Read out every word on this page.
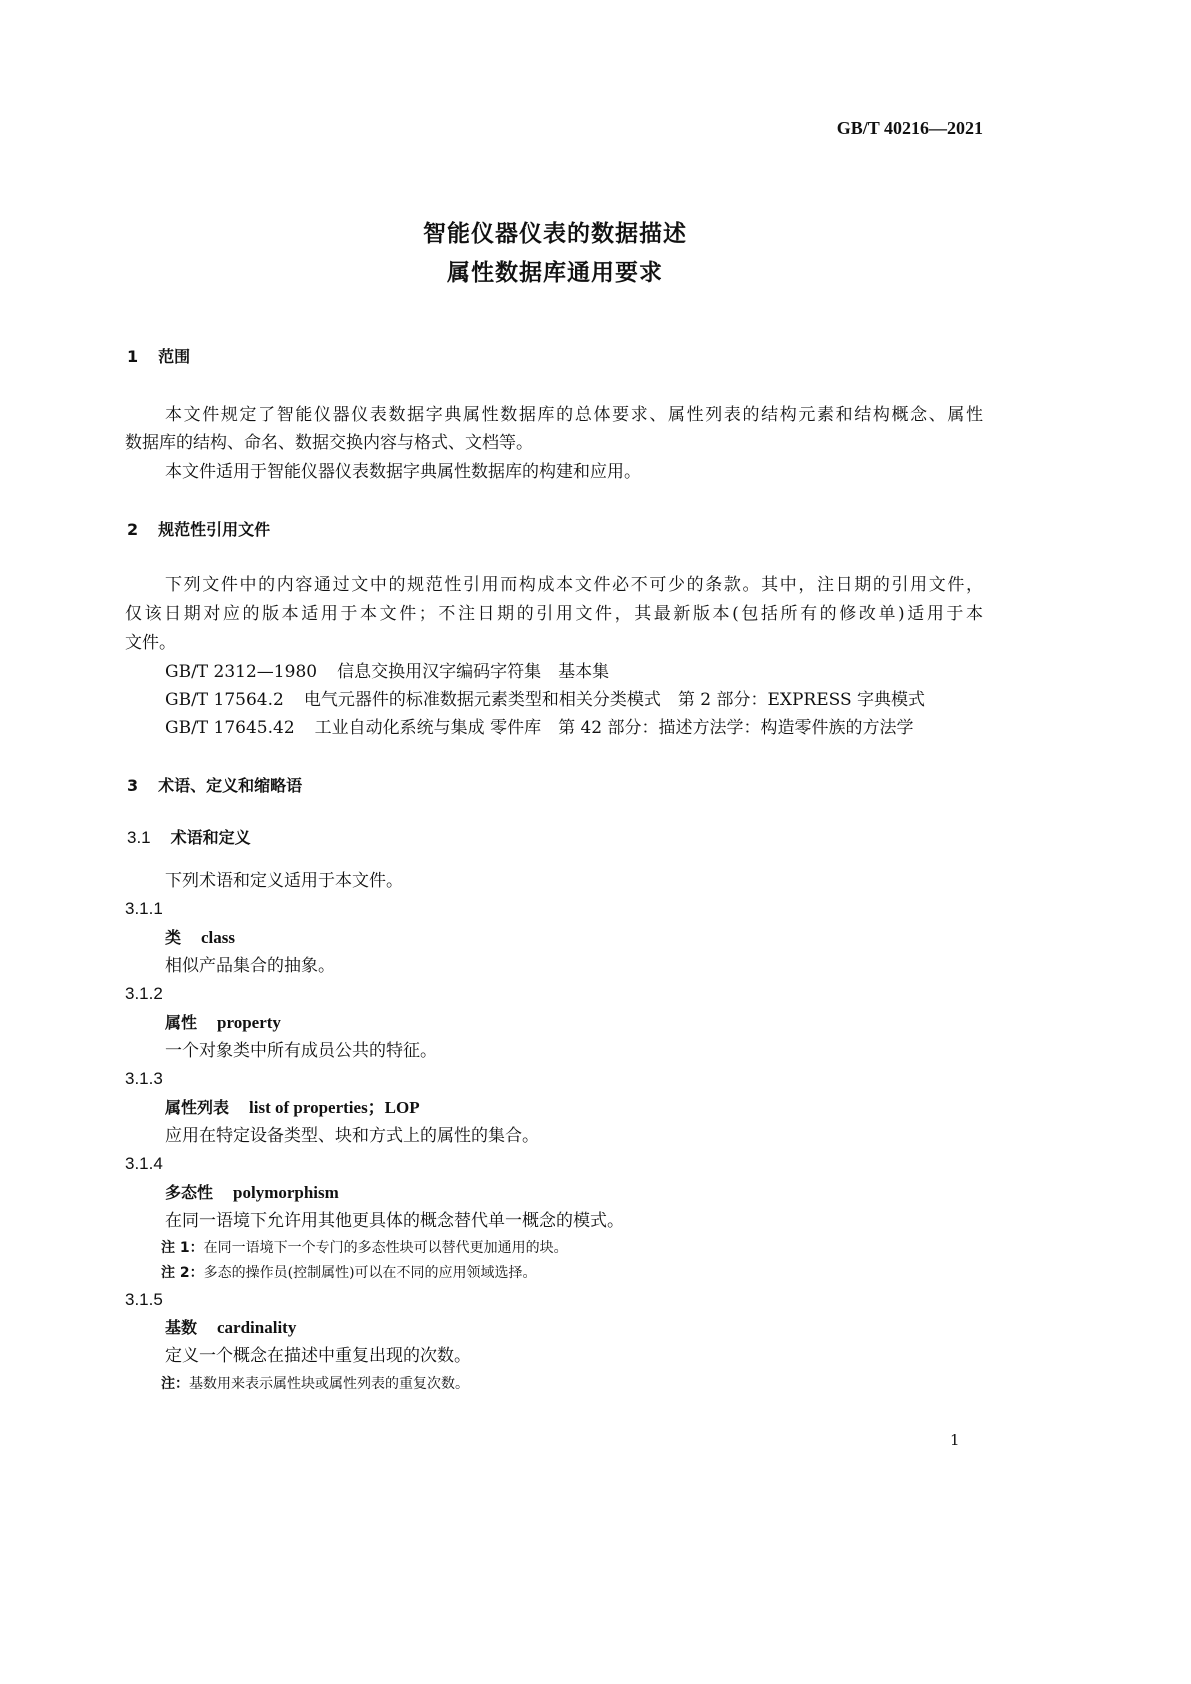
GB/T 40216—2021
智能仪器仪表的数据描述
属性数据库通用要求
1 范围
本文件规定了智能仪器仪表数据字典属性数据库的总体要求、属性列表的结构元素和结构概念、属性
数据库的结构、命名、数据交换内容与格式、文档等。
本文件适用于智能仪器仪表数据字典属性数据库的构建和应用。
2 规范性引用文件
下列文件中的内容通过文中的规范性引用而构成本文件必不可少的条款。其中，注日期的引用文件，
仅该日期对应的版本适用于本文件；不注日期的引用文件，其最新版本(包括所有的修改单)适用于本
文件。
GB/T 2312—1980 信息交换用汉字编码字符集　基本集
GB/T 17564.2 电气元器件的标准数据元素类型和相关分类模式　第 2 部分：EXPRESS 字典模式
GB/T 17645.42 工业自动化系统与集成 零件库　第 42 部分：描述方法学：构造零件族的方法学
3 术语、定义和缩略语
3.1 术语和定义
下列术语和定义适用于本文件。
3.1.1
类 class
相似产品集合的抽象。
3.1.2
属性 property
一个对象类中所有成员公共的特征。
3.1.3
属性列表 list of properties；LOP
应用在特定设备类型、块和方式上的属性的集合。
3.1.4
多态性 polymorphism
在同一语境下允许用其他更具体的概念替代单一概念的模式。
注 1：在同一语境下一个专门的多态性块可以替代更加通用的块。
注 2：多态的操作员(控制属性)可以在不同的应用领域选择。
3.1.5
基数 cardinality
定义一个概念在描述中重复出现的次数。
注：基数用来表示属性块或属性列表的重复次数。
1
